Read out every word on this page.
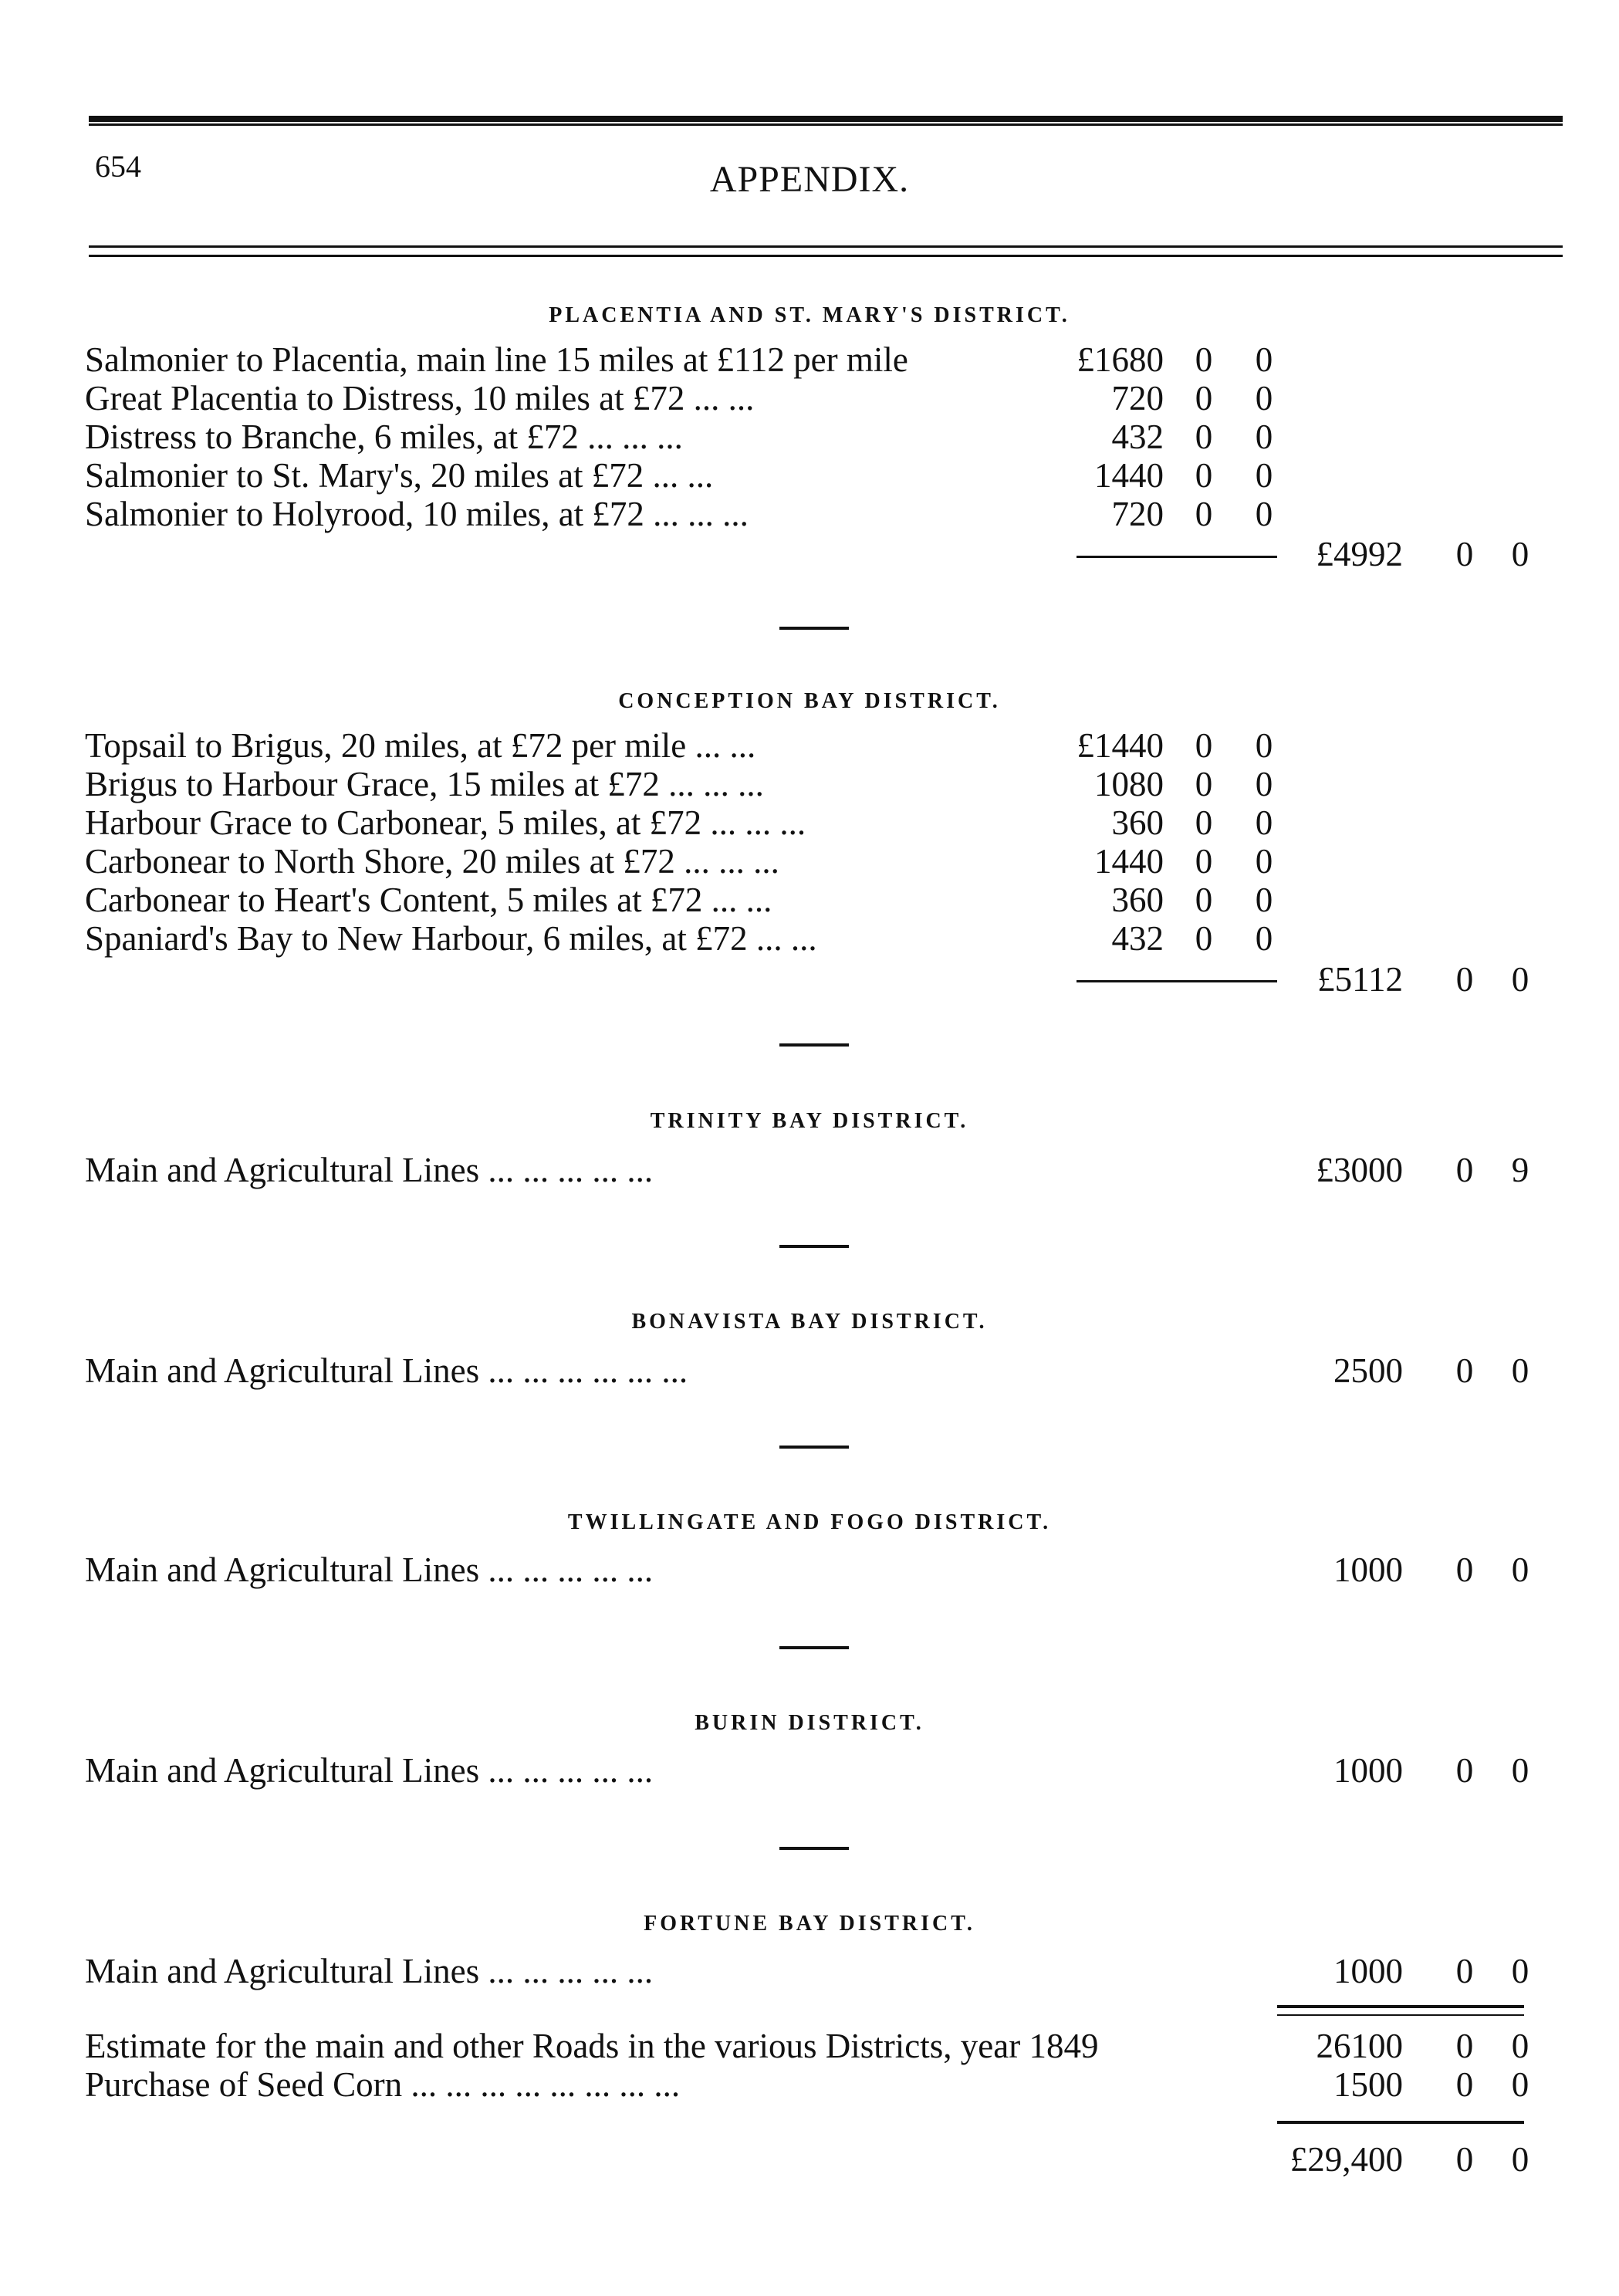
654	APPENDIX.
PLACENTIA AND ST. MARY'S DISTRICT.
Salmonier to Placentia, main line 15 miles at £112 per mile	£1680 0 0
Great Placentia to Distress, 10 miles at £72 ... ...	720 0 0
Distress to Branche, 6 miles, at £72 ... ... ...	432 0 0
Salmonier to St. Mary's, 20 miles at £72 ... ...	1440 0 0
Salmonier to Holyrood, 10 miles, at £72 ... ... ...	720 0 0
£4992 0 0
CONCEPTION BAY DISTRICT.
Topsail to Brigus, 20 miles, at £72 per mile ... ...	£1440 0 0
Brigus to Harbour Grace, 15 miles at £72 ... ... ...	1080 0 0
Harbour Grace to Carbonear, 5 miles, at £72 ... ... ...	360 0 0
Carbonear to North Shore, 20 miles at £72 ... ... ...	1440 0 0
Carbonear to Heart's Content, 5 miles at £72 ... ...	360 0 0
Spaniard's Bay to New Harbour, 6 miles, at £72 ... ...	432 0 0
£5112 0 0
TRINITY BAY DISTRICT.
Main and Agricultural Lines ... ... ... ... ...	£3000 0 9
BONAVISTA BAY DISTRICT.
Main and Agricultural Lines ... ... ... ... ... ...	2500 0 0
TWILLINGATE AND FOGO DISTRICT.
Main and Agricultural Lines ... ... ... ... ...	1000 0 0
BURIN DISTRICT.
Main and Agricultural Lines ... ... ... ... ...	1000 0 0
FORTUNE BAY DISTRICT.
Main and Agricultural Lines ... ... ... ... ...	1000 0 0
Estimate for the main and other Roads in the various Districts, year 1849	26100 0 0
Purchase of Seed Corn ... ... ... ... ... ... ... ...	1500 0 0
£29,400 0 0
